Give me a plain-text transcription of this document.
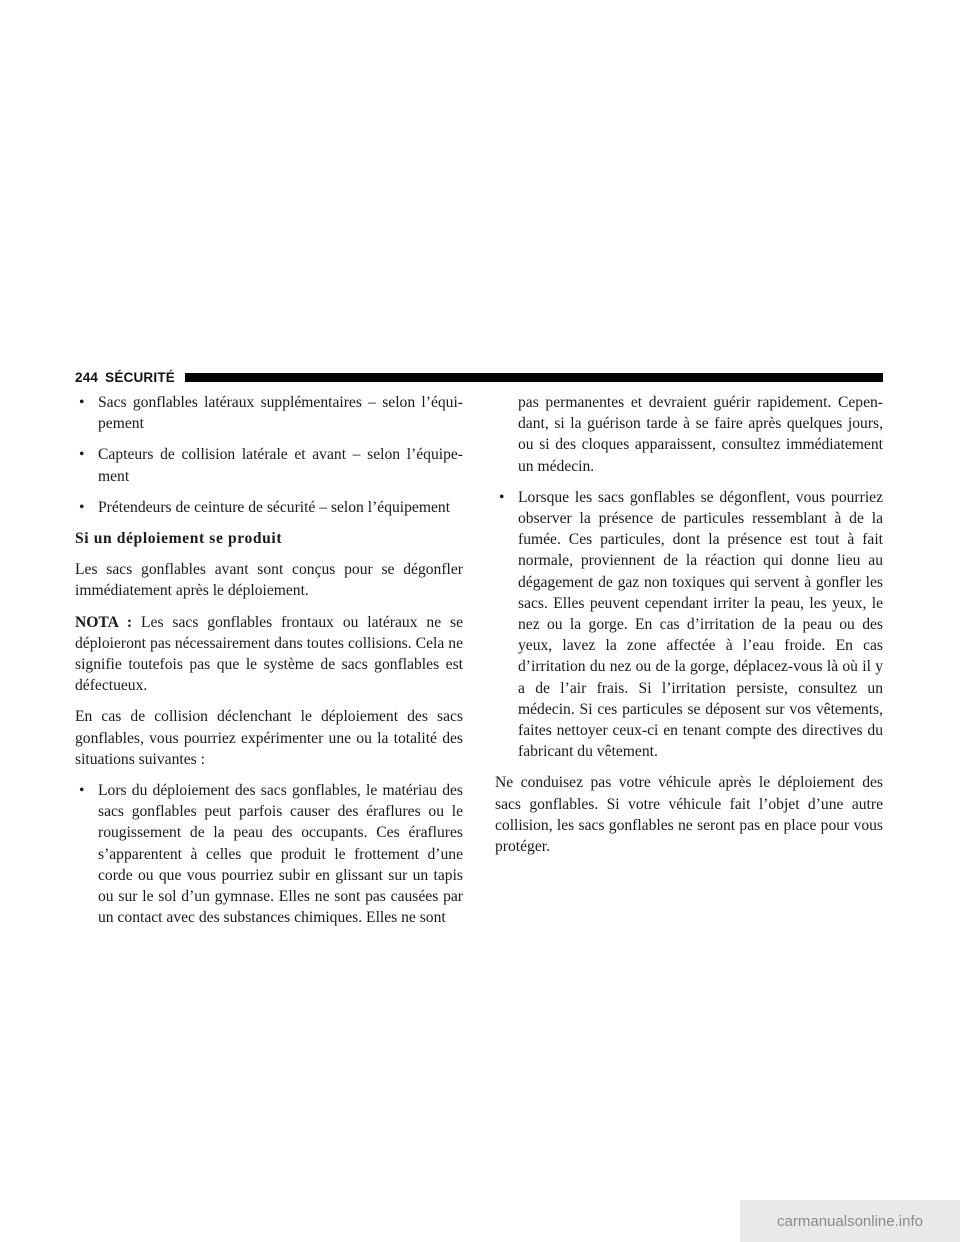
244 SÉCURITÉ
• Sacs gonflables latéraux supplémentaires – selon l’équipement
• Capteurs de collision latérale et avant – selon l’équipement
• Prétendeurs de ceinture de sécurité – selon l’équipement
Si un déploiement se produit

Les sacs gonflables avant sont conçus pour se dégonfler immédiatement après le déploiement.

NOTA : Les sacs gonflables frontaux ou latéraux ne se déploieront pas nécessairement dans toutes collisions. Cela ne signifie toutefois pas que le système de sacs gonflables est défectueux.

En cas de collision déclenchant le déploiement des sacs gonflables, vous pourriez expérimenter une ou la totalité des situations suivantes :

• Lors du déploiement des sacs gonflables, le matériau des sacs gonflables peut parfois causer des éraflures ou le rougissement de la peau des occupants. Ces éraflures s’apparentent à celles que produit le frottement d’une corde ou que vous pourriez subir en glissant sur un tapis ou sur le sol d’un gymnase. Elles ne sont pas causées par un contact avec des substances chimiques. Elles ne sont
pas permanentes et devraient guérir rapidement. Cependant, si la guérison tarde à se faire après quelques jours, ou si des cloques apparaissent, consultez immédiatement un médecin.
• Lorsque les sacs gonflables se dégonflent, vous pourriez observer la présence de particules ressemblant à de la fumée. Ces particules, dont la présence est tout à fait normale, proviennent de la réaction qui donne lieu au dégagement de gaz non toxiques qui servent à gonfler les sacs. Elles peuvent cependant irriter la peau, les yeux, le nez ou la gorge. En cas d’irritation de la peau ou des yeux, lavez la zone affectée à l’eau froide. En cas d’irritation du nez ou de la gorge, déplacez-vous là où il y a de l’air frais. Si l’irritation persiste, consultez un médecin. Si ces particules se déposent sur vos vêtements, faites nettoyer ceux-ci en tenant compte des directives du fabricant du vêtement.

Ne conduisez pas votre véhicule après le déploiement des sacs gonflables. Si votre véhicule fait l’objet d’une autre collision, les sacs gonflables ne seront pas en place pour vous protéger.

carmanualsonline.info
